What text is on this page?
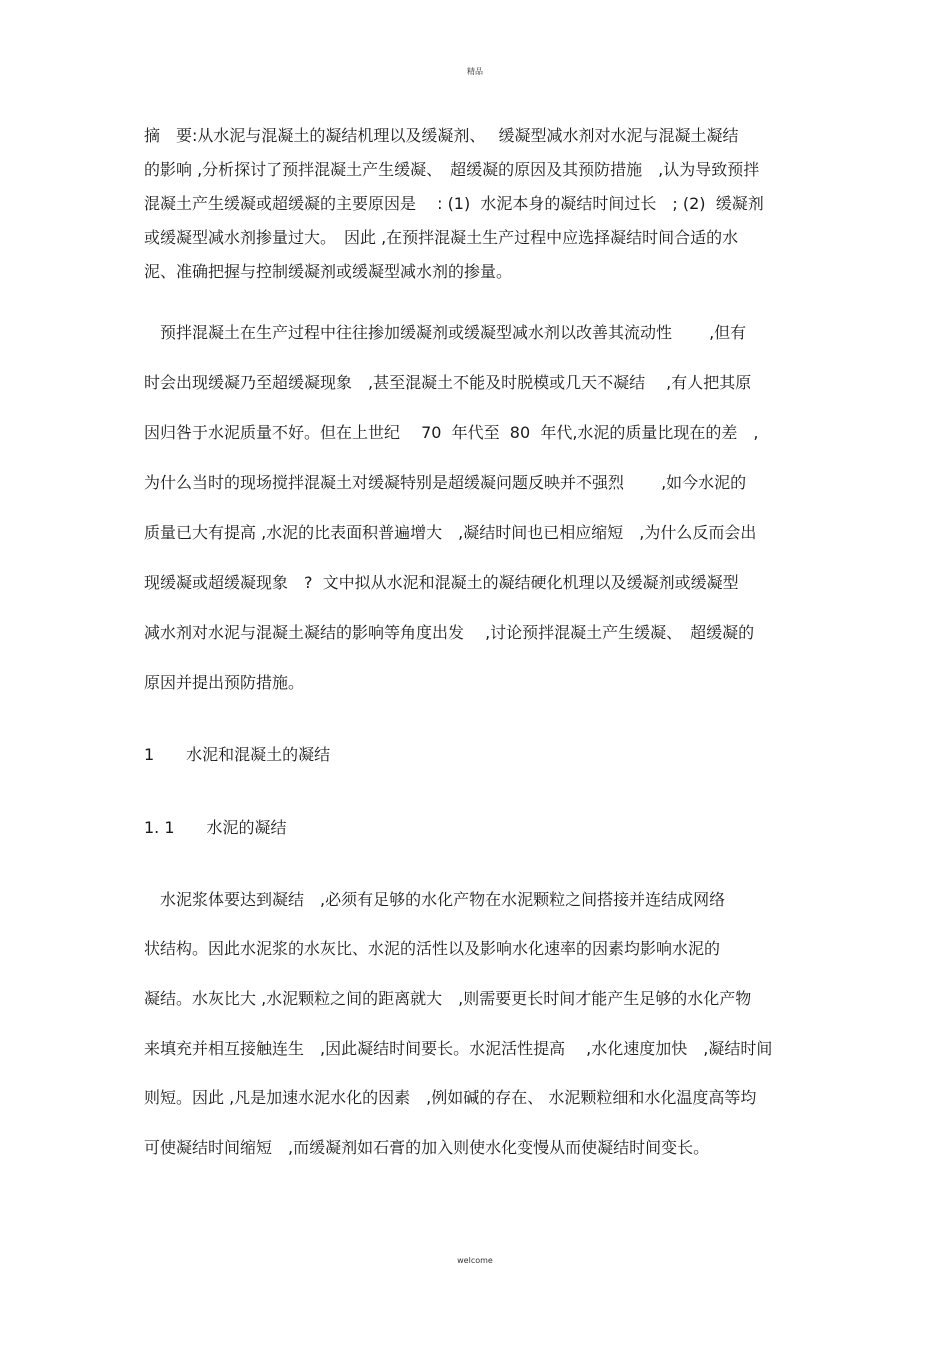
精品
摘　要:从水泥与混凝土的凝结机理以及缓凝剂、　 缓凝型减水剂对水泥与混凝土凝结
的影响 ,分析探讨了预拌混凝土产生缓凝、　超缓凝的原因及其预防措施　,认为导致预拌
混凝土产生缓凝或超缓凝的主要原因是　 : (1)  水泥本身的凝结时间过长　; (2)  缓凝剂
或缓凝型减水剂掺量过大。　因此 ,在预拌混凝土生产过程中应选择凝结时间合适的水
泥、准确把握与控制缓凝剂或缓凝型减水剂的掺量。
　预拌混凝土在生产过程中往往掺加缓凝剂或缓凝型减水剂以改善其流动性　　 ,但有
时会出现缓凝乃至超缓凝现象　,甚至混凝土不能及时脱模或几天不凝结　 ,有人把其原
因归咎于水泥质量不好。但在上世纪　 70  年代至  80  年代,水泥的质量比现在的差　,
为什么当时的现场搅拌混凝土对缓凝特别是超缓凝问题反映并不强烈　　 ,如今水泥的
质量已大有提高 ,水泥的比表面积普遍增大　,凝结时间也已相应缩短　,为什么反而会出
现缓凝或超缓凝现象　?  文中拟从水泥和混凝土的凝结硬化机理以及缓凝剂或缓凝型
减水剂对水泥与混凝土凝结的影响等角度出发　 ,讨论预拌混凝土产生缓凝、　超缓凝的
原因并提出预防措施。
1　　水泥和混凝土的凝结
1. 1　　水泥的凝结
　水泥浆体要达到凝结　,必须有足够的水化产物在水泥颗粒之间搭接并连结成网络
状结构。因此水泥浆的水灰比、水泥的活性以及影响水化速率的因素均影响水泥的
凝结。水灰比大 ,水泥颗粒之间的距离就大　,则需要更长时间才能产生足够的水化产物
来填充并相互接触连生　,因此凝结时间要长。水泥活性提高　 ,水化速度加快　,凝结时间
则短。因此 ,凡是加速水泥水化的因素　,例如碱的存在、 水泥颗粒细和水化温度高等均
可使凝结时间缩短　,而缓凝剂如石膏的加入则使水化变慢从而使凝结时间变长。
welcome
